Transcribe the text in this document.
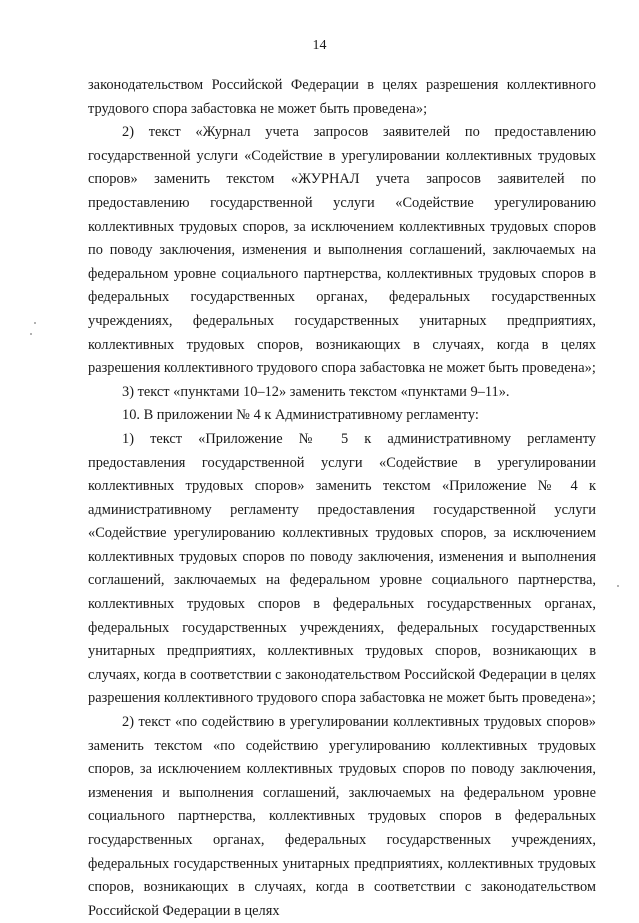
14

законодательством Российской Федерации в целях разрешения коллективного трудового спора забастовка не может быть проведена»;

2) текст «Журнал учета запросов заявителей по предоставлению государственной услуги «Содействие в урегулировании коллективных трудовых споров» заменить текстом «ЖУРНАЛ учета запросов заявителей по предоставлению государственной услуги «Содействие урегулированию коллективных трудовых споров, за исключением коллективных трудовых споров по поводу заключения, изменения и выполнения соглашений, заключаемых на федеральном уровне социального партнерства, коллективных трудовых споров в федеральных государственных органах, федеральных государственных учреждениях, федеральных государственных унитарных предприятиях, коллективных трудовых споров, возникающих в случаях, когда в целях разрешения коллективного трудового спора забастовка не может быть проведена»;

3) текст «пунктами 10–12» заменить текстом «пунктами 9–11».

10. В приложении № 4 к Административному регламенту:

1) текст «Приложение № 5 к административному регламенту предоставления государственной услуги «Содействие в урегулировании коллективных трудовых споров» заменить текстом «Приложение № 4 к административному регламенту предоставления государственной услуги «Содействие урегулированию коллективных трудовых споров, за исключением коллективных трудовых споров по поводу заключения, изменения и выполнения соглашений, заключаемых на федеральном уровне социального партнерства, коллективных трудовых споров в федеральных государственных органах, федеральных государственных учреждениях, федеральных государственных унитарных предприятиях, коллективных трудовых споров, возникающих в случаях, когда в соответствии с законодательством Российской Федерации в целях разрешения коллективного трудового спора забастовка не может быть проведена»;

2) текст «по содействию в урегулировании коллективных трудовых споров» заменить текстом «по содействию урегулированию коллективных трудовых споров, за исключением коллективных трудовых споров по поводу заключения, изменения и выполнения соглашений, заключаемых на федеральном уровне социального партнерства, коллективных трудовых споров в федеральных государственных органах, федеральных государственных учреждениях, федеральных государственных унитарных предприятиях, коллективных трудовых споров, возникающих в случаях, когда в соответствии с законодательством Российской Федерации в целях
